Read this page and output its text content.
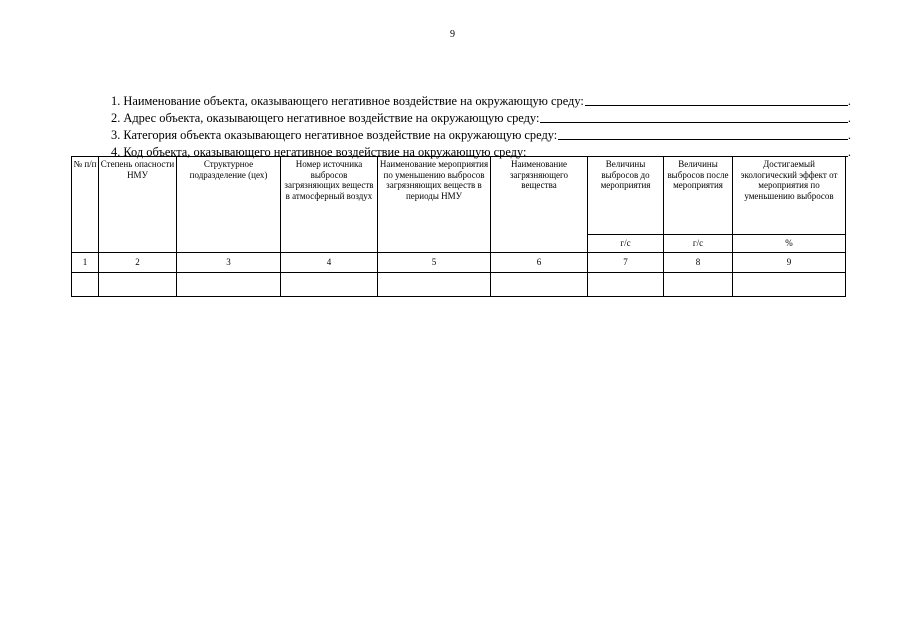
9
1. Наименование объекта, оказывающего негативное воздействие на окружающую среду:	.
2. Адрес объекта, оказывающего негативное воздействие на окружающую среду:	.
3. Категория объекта оказывающего негативное воздействие на окружающую среду:	.
4. Код объекта, оказывающего негативное воздействие на окружающую среду:	.
№ п/п	Степень опасности НМУ	Структурное подразделение (цех)	Номер источника выбросов загрязняющих веществ в атмосферный воздух	Наименование мероприятия по уменьшению выбросов загрязняющих веществ в периоды НМУ	Наименование загрязняющего вещества	Величины выбросов до мероприятия	Величины выбросов после мероприятия	Достигаемый экологический эффект от мероприятия по уменьшению выбросов
						г/с	г/с	%
1	2	3	4	5	6	7	8	9
